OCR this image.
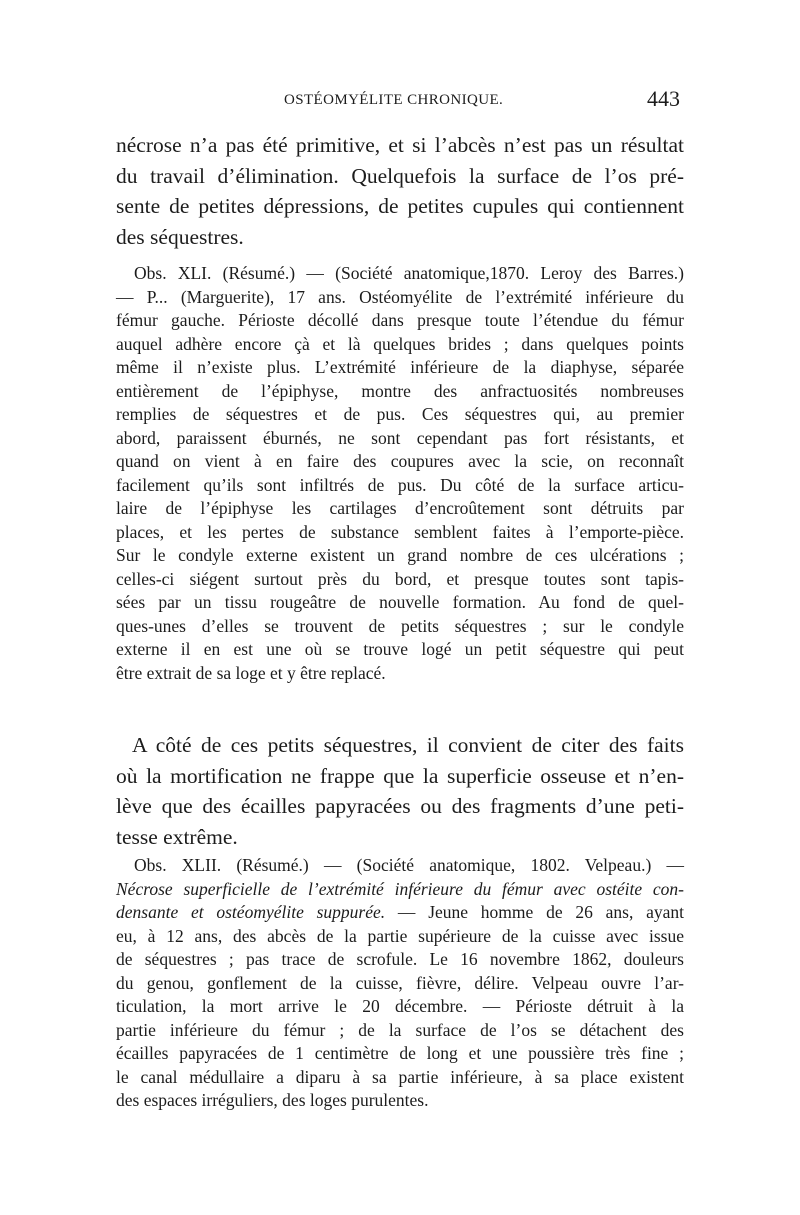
OSTÉOMYÉLITE CHRONIQUE.	443
nécrose n’a pas été primitive, et si l’abcès n’est pas un résultat
du travail d’élimination. Quelquefois la surface de l’os pré-
sente de petites dépressions, de petites cupules qui contiennent
des séquestres.
Obs. XLI. (Résumé.) — (Société anatomique,1870. Leroy des Barres.)
— P... (Marguerite), 17 ans. Ostéomyélite de l’extrémité inférieure du
fémur gauche. Périoste décollé dans presque toute l’étendue du fémur
auquel adhère encore çà et là quelques brides ; dans quelques points
même il n’existe plus. L’extrémité inférieure de la diaphyse, séparée
entièrement de l’épiphyse, montre des anfractuosités nombreuses
remplies de séquestres et de pus. Ces séquestres qui, au premier
abord, paraissent éburnés, ne sont cependant pas fort résistants, et
quand on vient à en faire des coupures avec la scie, on reconnaît
facilement qu’ils sont infiltrés de pus. Du côté de la surface articu-
laire de l’épiphyse les cartilages d’encroûtement sont détruits par
places, et les pertes de substance semblent faites à l’emporte-pièce.
Sur le condyle externe existent un grand nombre de ces ulcérations ;
celles-ci siégent surtout près du bord, et presque toutes sont tapis-
sées par un tissu rougeâtre de nouvelle formation. Au fond de quel-
ques-unes d’elles se trouvent de petits séquestres ; sur le condyle
externe il en est une où se trouve logé un petit séquestre qui peut
être extrait de sa loge et y être replacé.
A côté de ces petits séquestres, il convient de citer des faits
où la mortification ne frappe que la superficie osseuse et n’en-
lève que des écailles papyracées ou des fragments d’une peti-
tesse extrême.
Obs. XLII. (Résumé.) — (Société anatomique, 1802. Velpeau.) —
Nécrose superficielle de l’extrémité inférieure du fémur avec ostéite con-
densante et ostéomyélite suppurée. — Jeune homme de 26 ans, ayant
eu, à 12 ans, des abcès de la partie supérieure de la cuisse avec issue
de séquestres ; pas trace de scrofule. Le 16 novembre 1862, douleurs
du genou, gonflement de la cuisse, fièvre, délire. Velpeau ouvre l’ar-
ticulation, la mort arrive le 20 décembre. — Périoste détruit à la
partie inférieure du fémur ; de la surface de l’os se détachent des
écailles papyracées de 1 centimètre de long et une poussière très fine ;
le canal médullaire a diparu à sa partie inférieure, à sa place existent
des espaces irréguliers, des loges purulentes.
